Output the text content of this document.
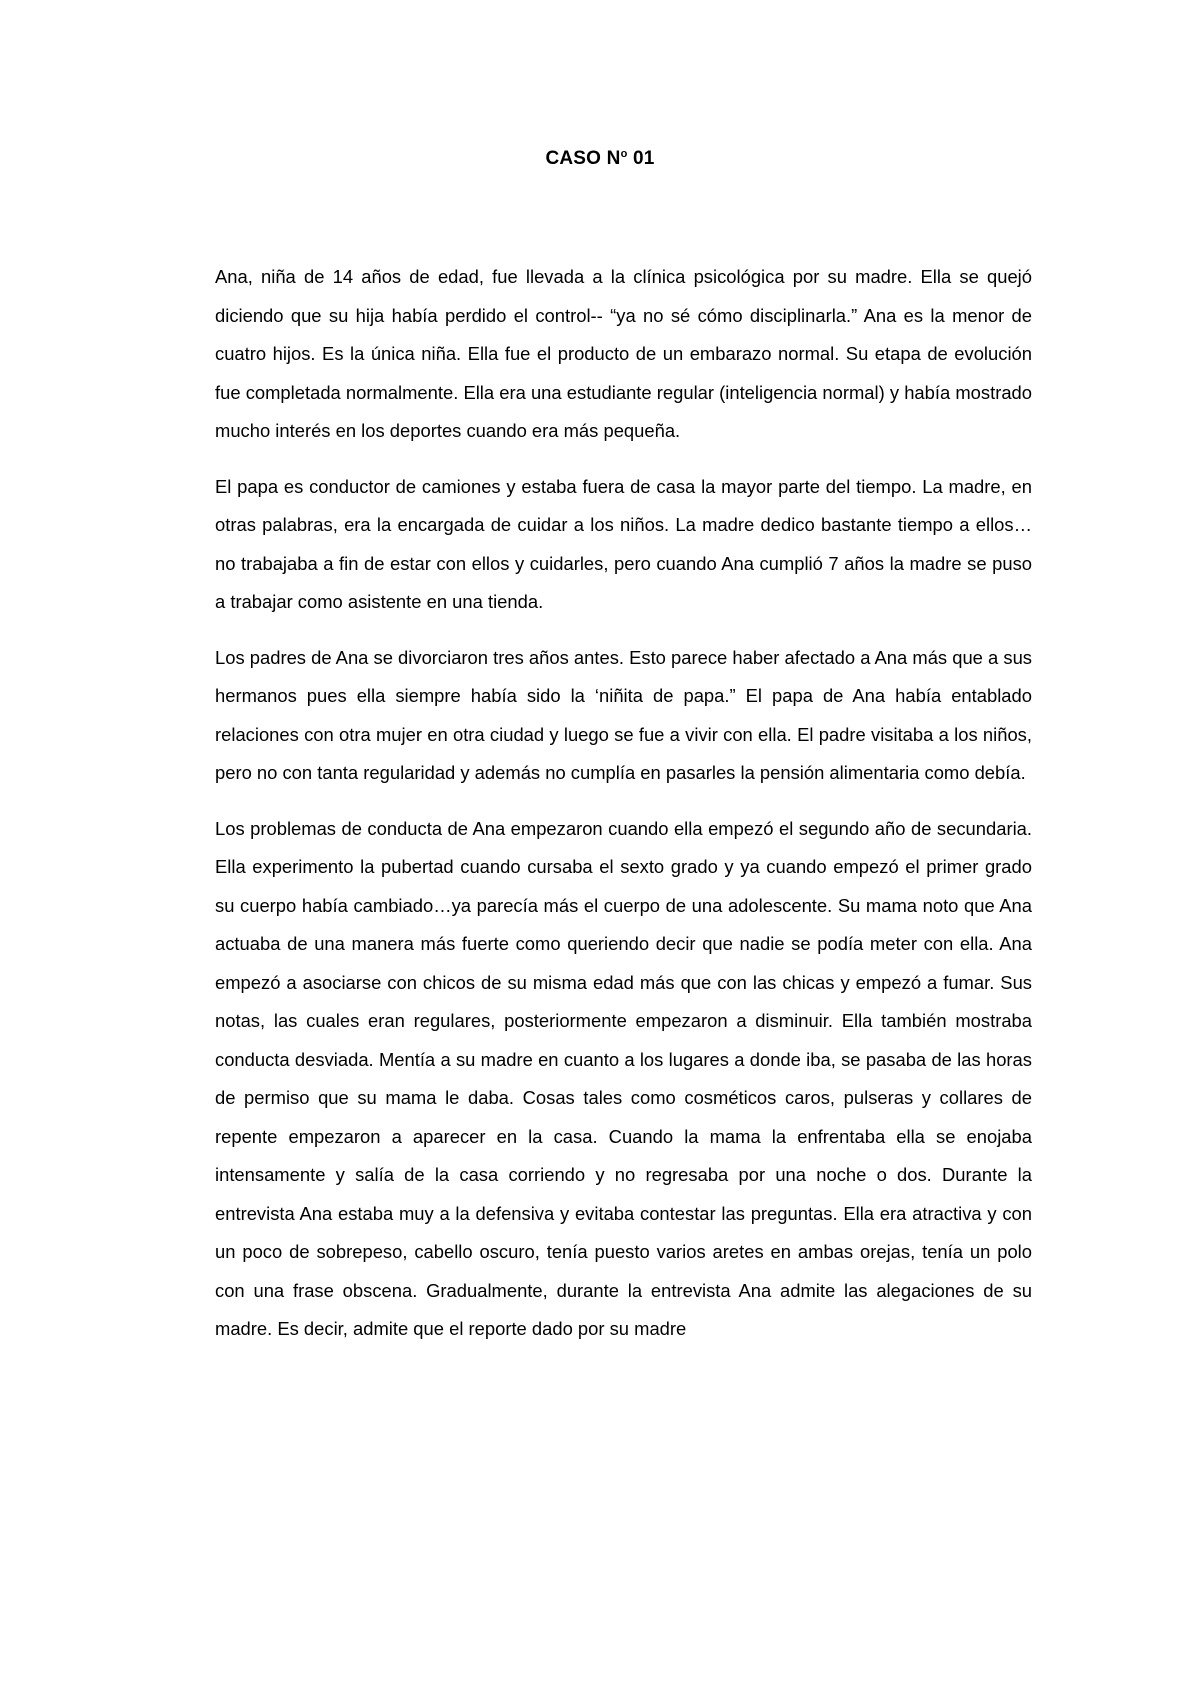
CASO $N^o$ 01

Ana, niña de 14 años de edad, fue llevada a la clínica psicológica por su madre. Ella se quejó diciendo que su hija había perdido el control-- “ya no sé cómo disciplinarla.” Ana es la menor de cuatro hijos. Es la única niña. Ella fue el producto de un embarazo normal. Su etapa de evolución fue completada normalmente. Ella era una estudiante regular (inteligencia normal) y había mostrado mucho interés en los deportes cuando era más pequeña.

El papa es conductor de camiones y estaba fuera de casa la mayor parte del tiempo. La madre, en otras palabras, era la encargada de cuidar a los niños. La madre dedico bastante tiempo a ellos…no trabajaba a fin de estar con ellos y cuidarles, pero cuando Ana cumplió 7 años la madre se puso a trabajar como asistente en una tienda.

Los padres de Ana se divorciaron tres años antes. Esto parece haber afectado a Ana más que a sus hermanos pues ella siempre había sido la ‘niñita de papa.” El papa de Ana había entablado relaciones con otra mujer en otra ciudad y luego se fue a vivir con ella. El padre visitaba a los niños, pero no con tanta regularidad y además no cumplía en pasarles la pensión alimentaria como debía.

Los problemas de conducta de Ana empezaron cuando ella empezó el segundo año de secundaria. Ella experimento la pubertad cuando cursaba el sexto grado y ya cuando empezó el primer grado su cuerpo había cambiado…ya parecía más el cuerpo de una adolescente. Su mama noto que Ana actuaba de una manera más fuerte como queriendo decir que nadie se podía meter con ella. Ana empezó a asociarse con chicos de su misma edad más que con las chicas y empezó a fumar. Sus notas, las cuales eran regulares, posteriormente empezaron a disminuir. Ella también mostraba conducta desviada. Mentía a su madre en cuanto a los lugares a donde iba, se pasaba de las horas de permiso que su mama le daba. Cosas tales como cosméticos caros, pulseras y collares de repente empezaron a aparecer en la casa. Cuando la mama la enfrentaba ella se enojaba intensamente y salía de la casa corriendo y no regresaba por una noche o dos. Durante la entrevista Ana estaba muy a la defensiva y evitaba contestar las preguntas. Ella era atractiva y con un poco de sobrepeso, cabello oscuro, tenía puesto varios aretes en ambas orejas, tenía un polo con una frase obscena. Gradualmente, durante la entrevista Ana admite las alegaciones de su madre. Es decir, admite que el reporte dado por su madre
